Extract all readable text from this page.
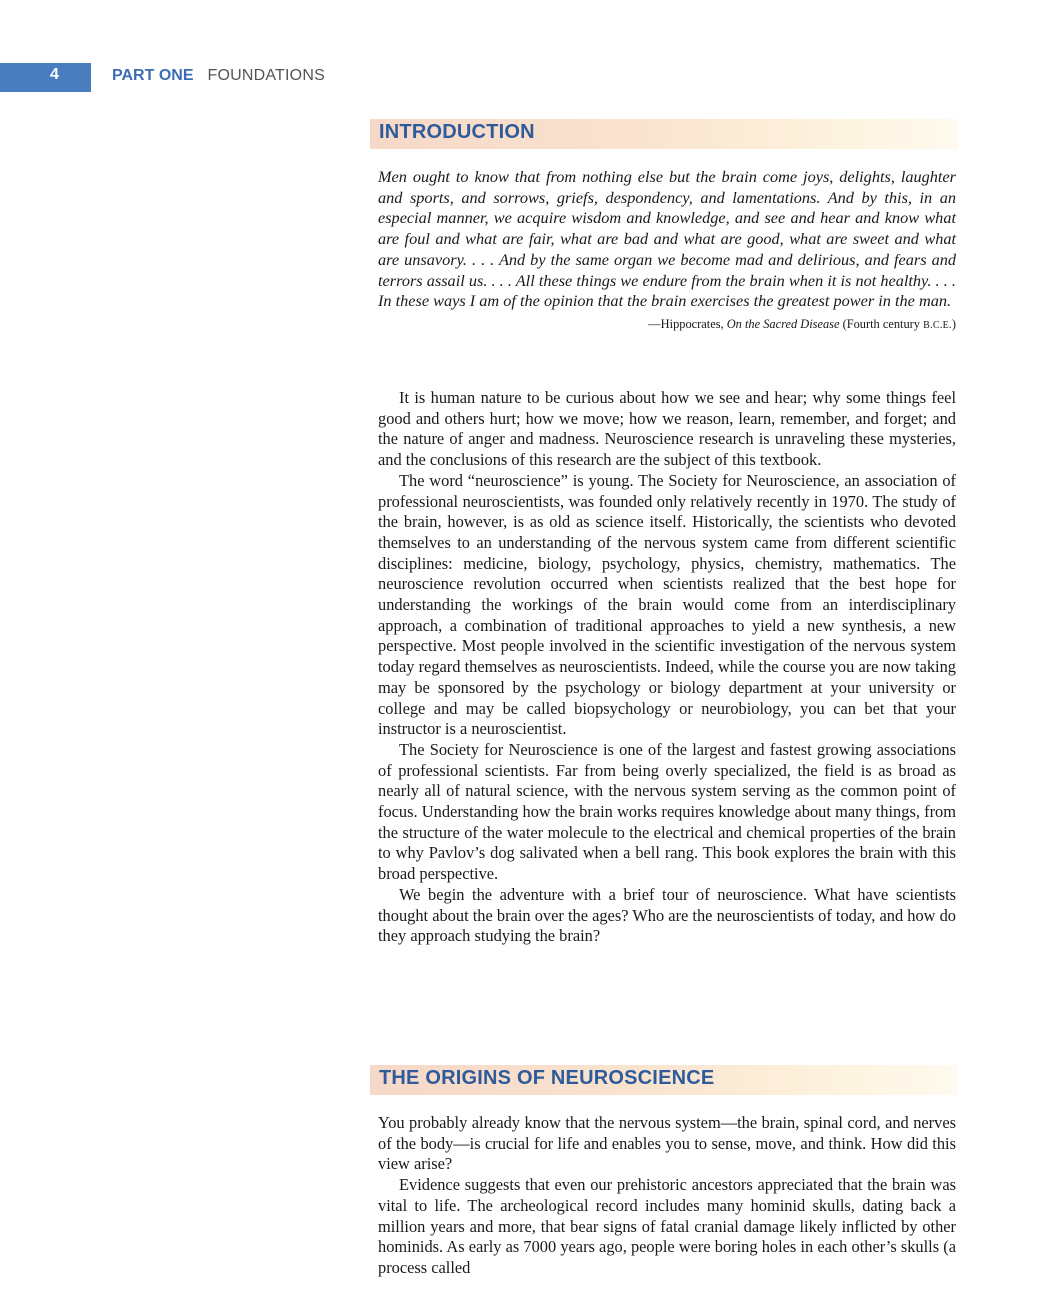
4	PART ONE FOUNDATIONS
INTRODUCTION

Men ought to know that from nothing else but the brain come joys, delights, laughter and sports, and sorrows, griefs, despondency, and lamentations. And by this, in an especial manner, we acquire wisdom and knowledge, and see and hear and know what are foul and what are fair, what are bad and what are good, what are sweet and what are unsavory. . . . And by the same organ we become mad and delirious, and fears and terrors assail us. . . . All these things we endure from the brain when it is not healthy. . . . In these ways I am of the opinion that the brain exercises the greatest power in the man.

—Hippocrates, On the Sacred Disease (Fourth century B.C.E.)

It is human nature to be curious about how we see and hear; why some things feel good and others hurt; how we move; how we reason, learn, remember, and forget; and the nature of anger and madness. Neuroscience research is unraveling these mysteries, and the conclusions of this research are the subject of this textbook.

The word “neuroscience” is young. The Society for Neuroscience, an association of professional neuroscientists, was founded only relatively recently in 1970. The study of the brain, however, is as old as science itself. Historically, the scientists who devoted themselves to an understanding of the nervous system came from different scientific disciplines: medicine, biology, psychology, physics, chemistry, mathematics. The neuroscience revolution occurred when scientists realized that the best hope for understanding the workings of the brain would come from an interdisciplinary approach, a combination of traditional approaches to yield a new synthesis, a new perspective. Most people involved in the scientific investigation of the nervous system today regard themselves as neuroscientists. Indeed, while the course you are now taking may be sponsored by the psychology or biology department at your university or college and may be called biopsychology or neurobiology, you can bet that your instructor is a neuroscientist.

The Society for Neuroscience is one of the largest and fastest growing associations of professional scientists. Far from being overly specialized, the field is as broad as nearly all of natural science, with the nervous system serving as the common point of focus. Understanding how the brain works requires knowledge about many things, from the structure of the water molecule to the electrical and chemical properties of the brain to why Pavlov’s dog salivated when a bell rang. This book explores the brain with this broad perspective.

We begin the adventure with a brief tour of neuroscience. What have scientists thought about the brain over the ages? Who are the neuroscientists of today, and how do they approach studying the brain?

THE ORIGINS OF NEUROSCIENCE

You probably already know that the nervous system—the brain, spinal cord, and nerves of the body—is crucial for life and enables you to sense, move, and think. How did this view arise?

Evidence suggests that even our prehistoric ancestors appreciated that the brain was vital to life. The archeological record includes many hominid skulls, dating back a million years and more, that bear signs of fatal cranial damage likely inflicted by other hominids. As early as 7000 years ago, people were boring holes in each other’s skulls (a process called
